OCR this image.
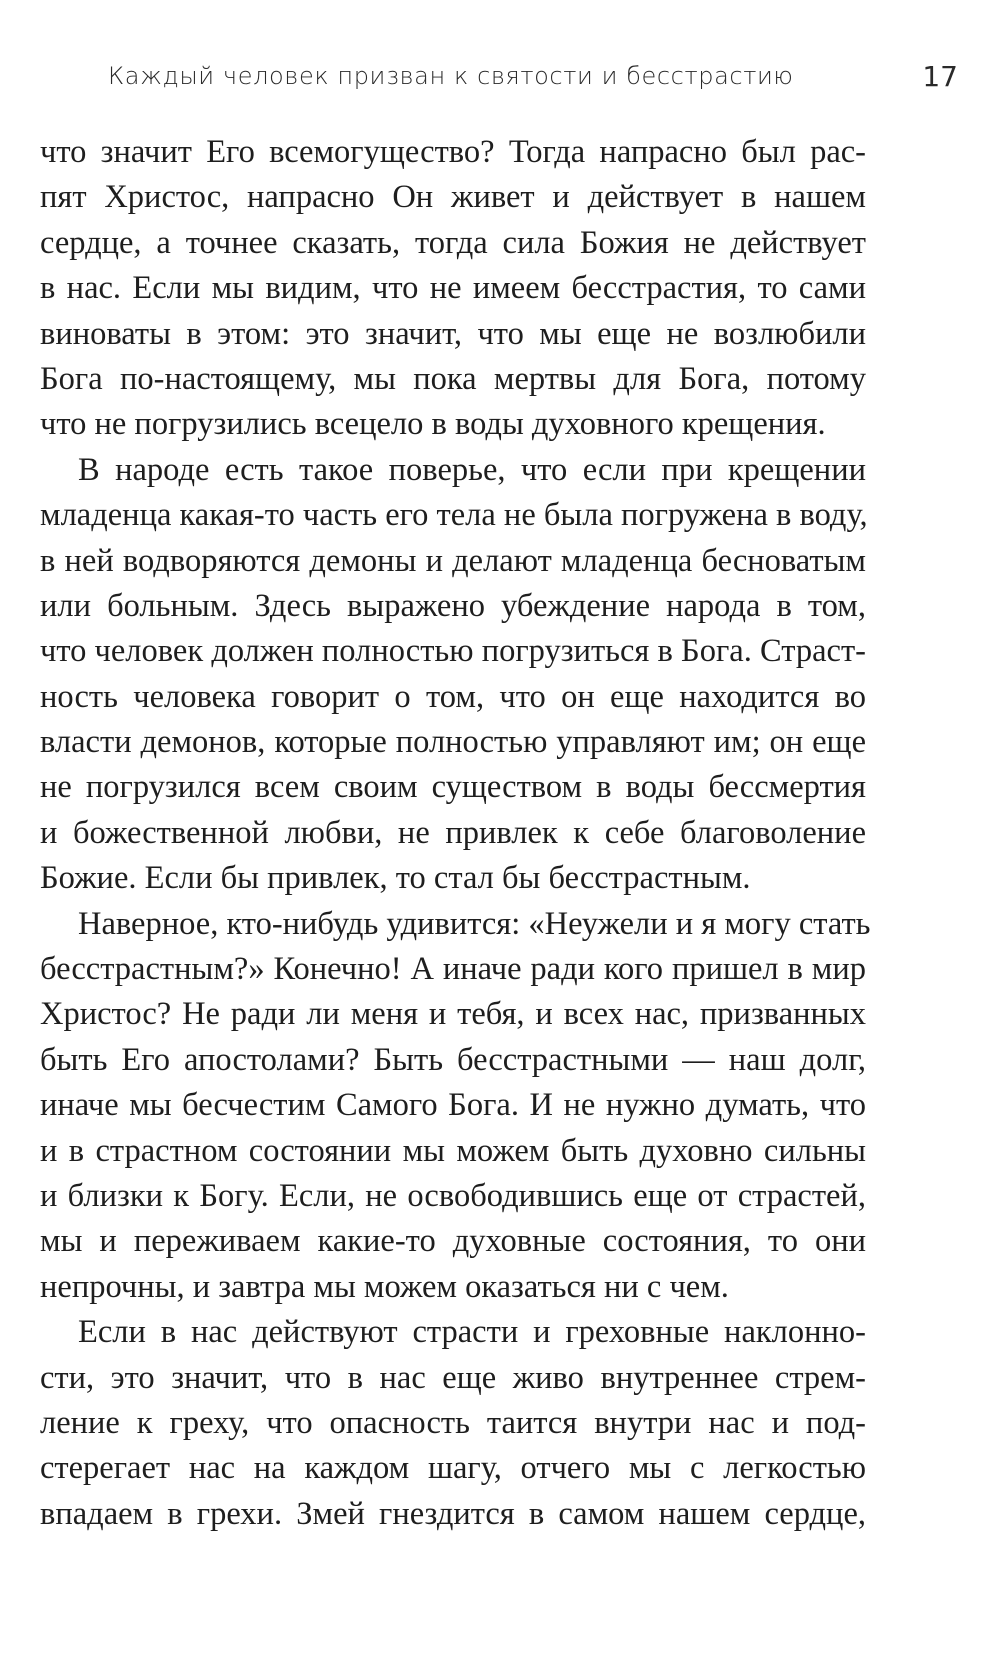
Каждый человек призван к святости и бесстрастию	17
что значит Его всемогущество? Тогда напрасно был рас-
пят Христос, напрасно Он живет и действует в нашем
сердце, а точнее сказать, тогда сила Божия не действует
в нас. Если мы видим, что не имеем бесстрастия, то сами
виноваты в этом: это значит, что мы еще не возлюбили
Бога по-настоящему, мы пока мертвы для Бога, потому
что не погрузились всецело в воды духовного крещения.
В народе есть такое поверье, что если при крещении
младенца какая-то часть его тела не была погружена в воду,
в ней водворяются демоны и делают младенца бесноватым
или больным. Здесь выражено убеждение народа в том,
что человек должен полностью погрузиться в Бога. Страст-
ность человека говорит о том, что он еще находится во
власти демонов, которые полностью управляют им; он еще
не погрузился всем своим существом в воды бессмертия
и божественной любви, не привлек к себе благоволение
Божие. Если бы привлек, то стал бы бесстрастным.
Наверное, кто-нибудь удивится: «Неужели и я могу стать
бесстрастным?» Конечно! А иначе ради кого пришел в мир
Христос? Не ради ли меня и тебя, и всех нас, призванных
быть Его апостолами? Быть бесстрастными — наш долг,
иначе мы бесчестим Самого Бога. И не нужно думать, что
и в страстном состоянии мы можем быть духовно сильны
и близки к Богу. Если, не освободившись еще от страстей,
мы и переживаем какие-то духовные состояния, то они
непрочны, и завтра мы можем оказаться ни с чем.
Если в нас действуют страсти и греховные наклонно-
сти, это значит, что в нас еще живо внутреннее стрем-
ление к греху, что опасность таится внутри нас и под-
стерегает нас на каждом шагу, отчего мы с легкостью
впадаем в грехи. Змей гнездится в самом нашем сердце,
